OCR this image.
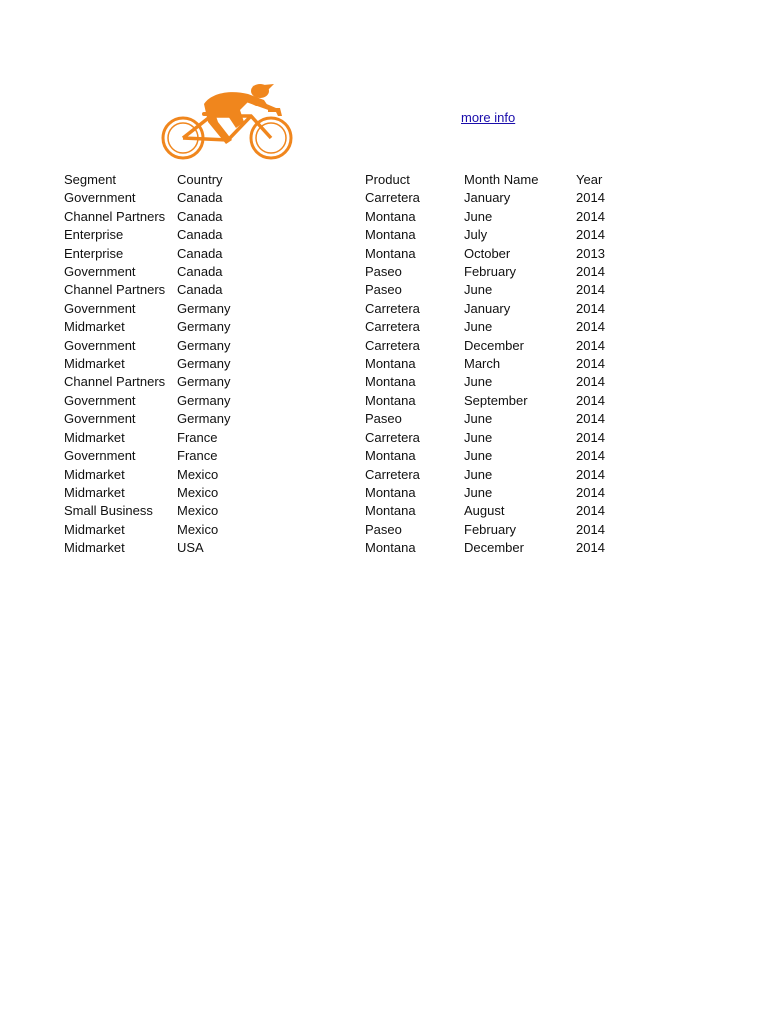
more info
Segment	Country	Product	Month Name	Year
Government	Canada	Carretera	January	2014
Channel Partners	Canada	Montana	June	2014
Enterprise	Canada	Montana	July	2014
Enterprise	Canada	Montana	October	2013
Government	Canada	Paseo	February	2014
Channel Partners	Canada	Paseo	June	2014
Government	Germany	Carretera	January	2014
Midmarket	Germany	Carretera	June	2014
Government	Germany	Carretera	December	2014
Midmarket	Germany	Montana	March	2014
Channel Partners	Germany	Montana	June	2014
Government	Germany	Montana	September	2014
Government	Germany	Paseo	June	2014
Midmarket	France	Carretera	June	2014
Government	France	Montana	June	2014
Midmarket	Mexico	Carretera	June	2014
Midmarket	Mexico	Montana	June	2014
Small Business	Mexico	Montana	August	2014
Midmarket	Mexico	Paseo	February	2014
Midmarket	USA	Montana	December	2014
